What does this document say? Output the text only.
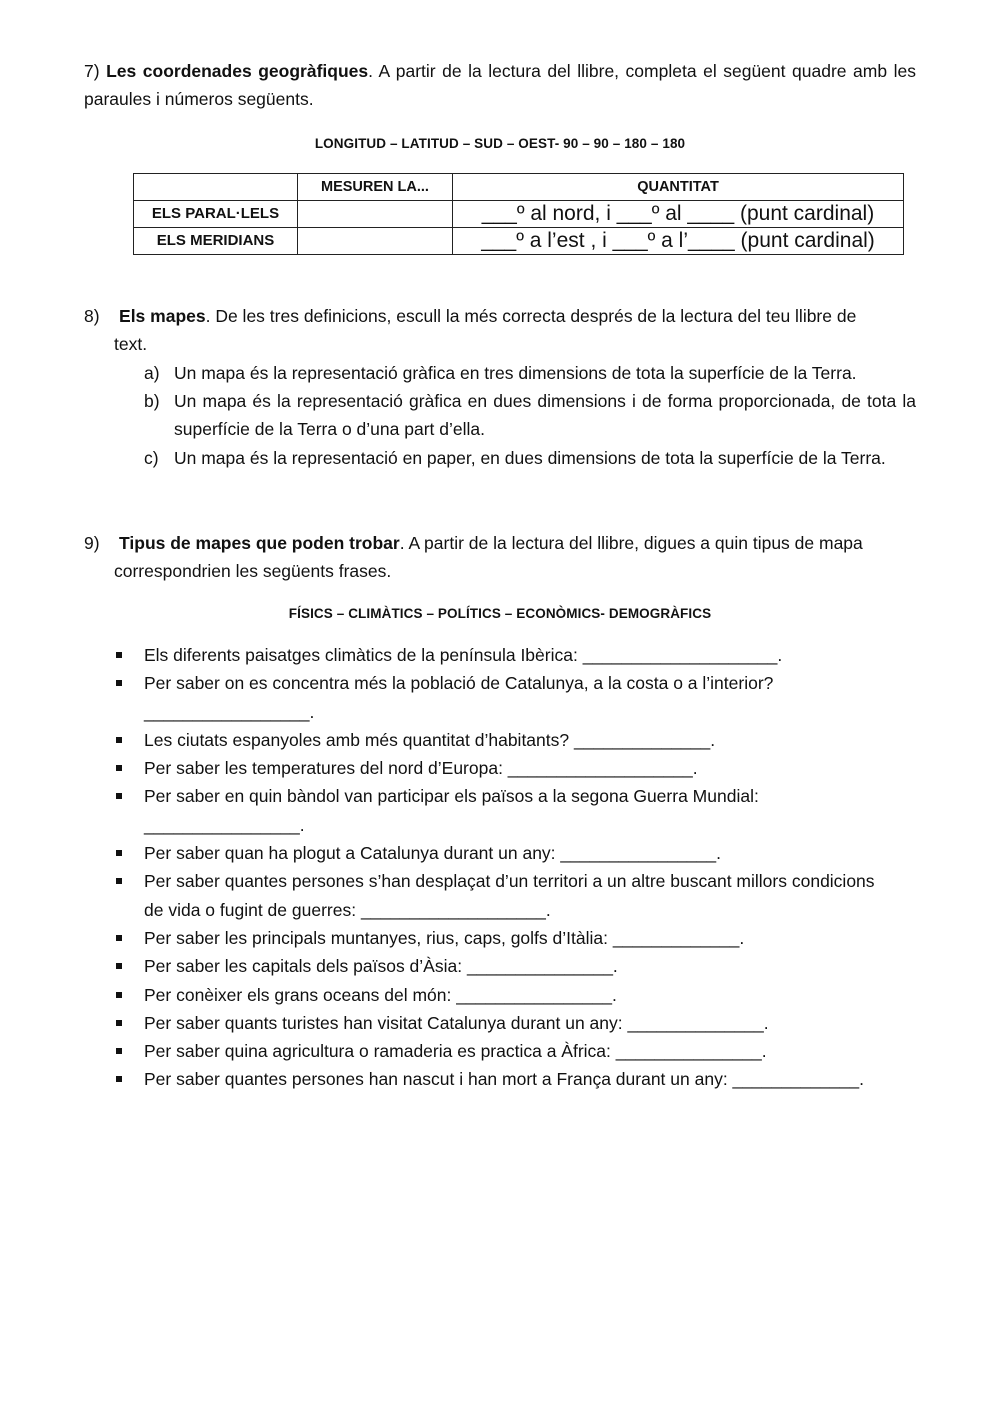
7) Les coordenades geogràfiques. A partir de la lectura del llibre, completa el següent quadre amb les paraules i números següents.
LONGITUD – LATITUD – SUD – OEST- 90 – 90 – 180 – 180
	MESUREN LA...	QUANTITAT
ELS PARAL·LELS		___º al nord, i ___º al ____ (punt cardinal)
ELS MERIDIANS		___º a l’est , i ___º a l’____ (punt cardinal)
8) Els mapes. De les tres definicions, escull la més correcta després de la lectura del teu llibre de
text.
a) Un mapa és la representació gràfica en tres dimensions de tota la superfície de la Terra.
b) Un mapa és la representació gràfica en dues dimensions i de forma proporcionada, de tota la superfície de la Terra o d’una part d’ella.
c) Un mapa és la representació en paper, en dues dimensions de tota la superfície de la Terra.
9) Tipus de mapes que poden trobar. A partir de la lectura del llibre, digues a quin tipus de mapa
correspondrien les següents frases.
FÍSICS – CLIMÀTICS – POLÍTICS – ECONÒMICS- DEMOGRÀFICS
Els diferents paisatges climàtics de la península Ibèrica: ____________________.
Per saber on es concentra més la població de Catalunya, a la costa o a l’interior?
_________________.
Les ciutats espanyoles amb més quantitat d’habitants? ______________.
Per saber les temperatures del nord d’Europa: ___________________.
Per saber en quin bàndol van participar els països a la segona Guerra Mundial:
________________.
Per saber quan ha plogut a Catalunya durant un any: ________________.
Per saber quantes persones s’han desplaçat d’un territori a un altre buscant millors condicions
de vida o fugint de guerres: ___________________.
Per saber les principals muntanyes, rius, caps, golfs d’Itàlia: _____________.
Per saber les capitals dels països d’Àsia: _______________.
Per conèixer els grans oceans del món: ________________.
Per saber quants turistes han visitat Catalunya durant un any: ______________.
Per saber quina agricultura o ramaderia es practica a Àfrica: _______________.
Per saber quantes persones han nascut i han mort a França durant un any: _____________.
